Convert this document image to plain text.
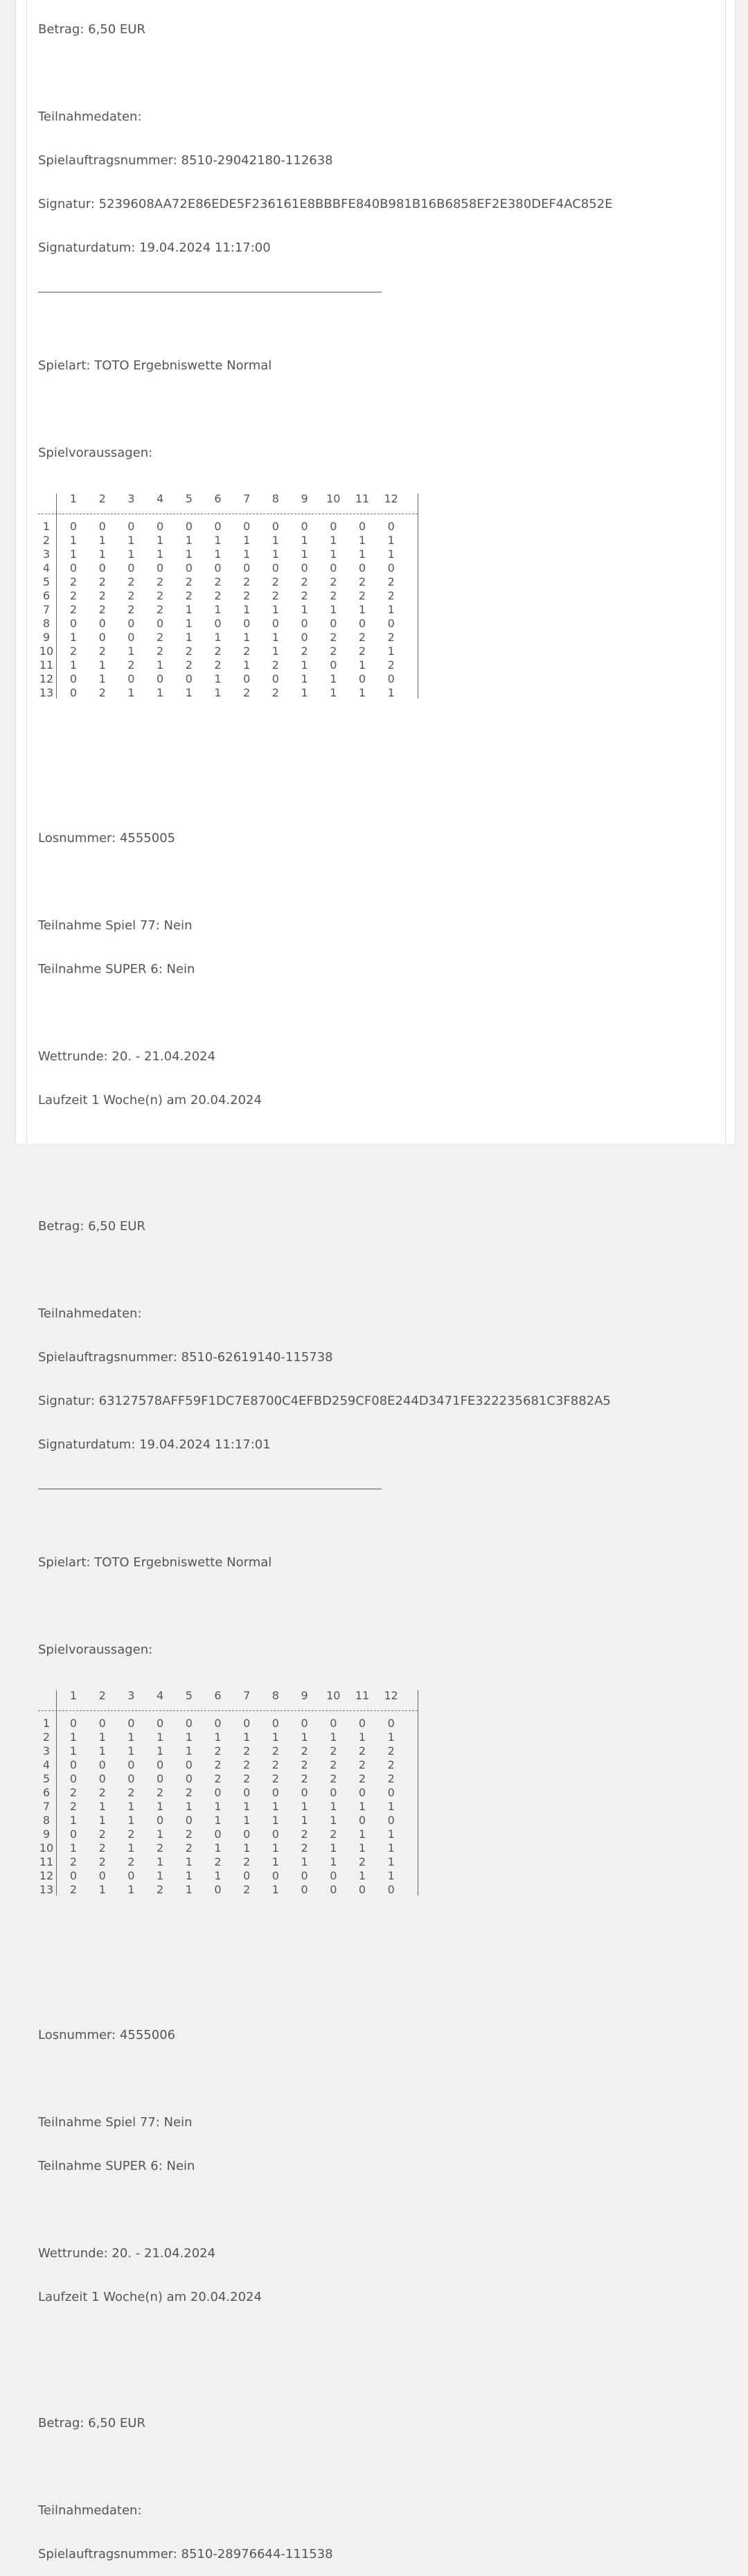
Betrag: 6,50 EUR

Teilnahmedaten:

Spielauftragsnummer: 8510-29042180-112638

Signatur: 5239608AA72E86EDE5F236161E8BBBFE840B981B16B6858EF2E380DEF4AC852E

Signaturdatum: 19.04.2024 11:17:00

Spielart: TOTO Ergebniswette Normal

Spielvoraussagen:

1	2	3	4	5	6	7	8	9	10	11	12
1	0	0	0	0	0	0	0	0	0	0	0	0
2	1	1	1	1	1	1	1	1	1	1	1	1
3	1	1	1	1	1	1	1	1	1	1	1	1
4	0	0	0	0	0	0	0	0	0	0	0	0
5	2	2	2	2	2	2	2	2	2	2	2	2
6	2	2	2	2	2	2	2	2	2	2	2	2
7	2	2	2	2	1	1	1	1	1	1	1	1
8	0	0	0	0	1	0	0	0	0	0	0	0
9	1	0	0	2	1	1	1	1	0	2	2	2
10	2	2	1	2	2	2	2	1	2	2	2	1
11	1	1	2	1	2	2	1	2	1	0	1	2
12	0	1	0	0	0	1	0	0	1	1	0	0
13	0	2	1	1	1	1	2	2	1	1	1	1

Losnummer: 4555005

Teilnahme Spiel 77: Nein

Teilnahme SUPER 6: Nein

Wettrunde: 20. - 21.04.2024

Laufzeit 1 Woche(n) am 20.04.2024

Betrag: 6,50 EUR

Teilnahmedaten:

Spielauftragsnummer: 8510-62619140-115738

Signatur: 63127578AFF59F1DC7E8700C4EFBD259CF08E244D3471FE322235681C3F882A5

Signaturdatum: 19.04.2024 11:17:01

Spielart: TOTO Ergebniswette Normal

Spielvoraussagen:

1	2	3	4	5	6	7	8	9	10	11	12
1	0	0	0	0	0	0	0	0	0	0	0	0
2	1	1	1	1	1	1	1	1	1	1	1	1
3	1	1	1	1	1	2	2	2	2	2	2	2
4	0	0	0	0	0	2	2	2	2	2	2	2
5	0	0	0	0	0	2	2	2	2	2	2	2
6	2	2	2	2	2	0	0	0	0	0	0	0
7	2	1	1	1	1	1	1	1	1	1	1	1
8	1	1	1	0	0	1	1	1	1	1	0	0
9	0	2	2	1	2	0	0	0	2	2	1	1
10	1	2	1	2	2	1	1	1	2	1	1	1
11	2	2	2	1	1	2	2	1	1	1	2	1
12	0	0	0	1	1	1	0	0	0	0	1	1
13	2	1	1	2	1	0	2	1	0	0	0	0

Losnummer: 4555006

Teilnahme Spiel 77: Nein

Teilnahme SUPER 6: Nein

Wettrunde: 20. - 21.04.2024

Laufzeit 1 Woche(n) am 20.04.2024

Betrag: 6,50 EUR

Teilnahmedaten:

Spielauftragsnummer: 8510-28976644-111538
